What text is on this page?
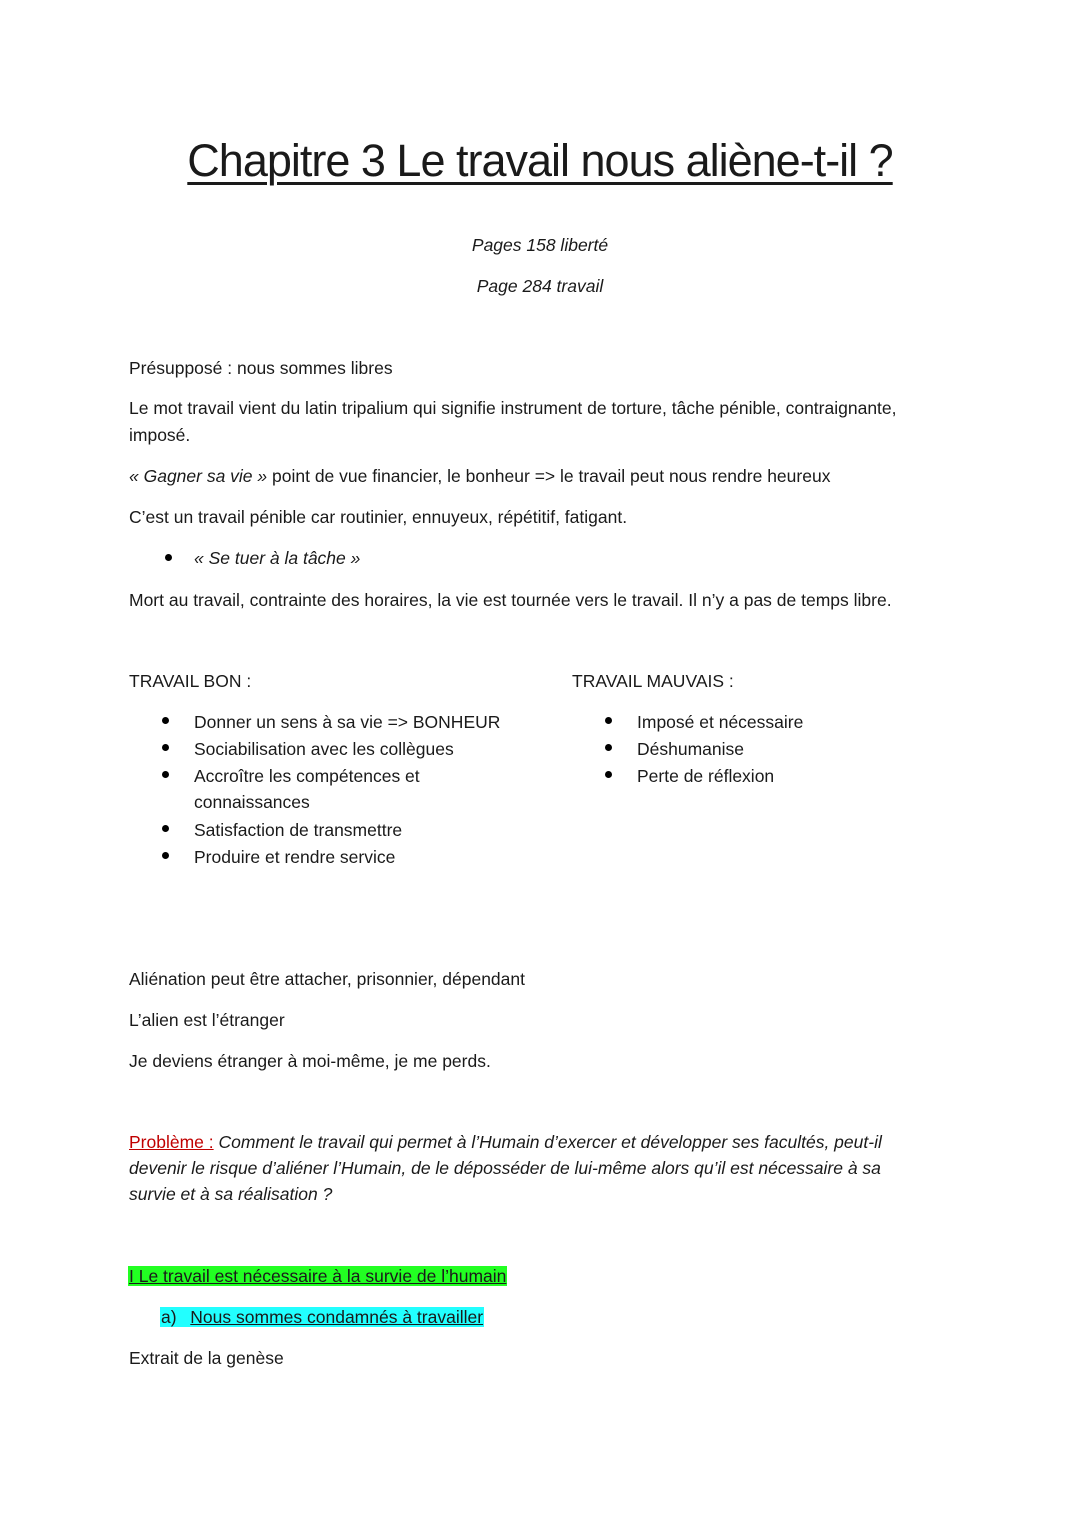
Chapitre 3 Le travail nous aliène-t-il ?
Pages 158 liberté
Page 284 travail
Présupposé : nous sommes libres
Le mot travail vient du latin tripalium qui signifie instrument de torture, tâche pénible, contraignante,
imposé.
« Gagner sa vie » point de vue financier, le bonheur => le travail peut nous rendre heureux
C’est un travail pénible car routinier, ennuyeux, répétitif, fatigant.
« Se tuer à la tâche »
Mort au travail, contrainte des horaires, la vie est tournée vers le travail. Il n’y a pas de temps libre.
TRAVAIL BON :
Donner un sens à sa vie => BONHEUR
Sociabilisation avec les collègues
Accroître les compétences et
connaissances
Satisfaction de transmettre
Produire et rendre service
TRAVAIL MAUVAIS :
Imposé et nécessaire
Déshumanise
Perte de réflexion
Aliénation peut être attacher, prisonnier, dépendant
L’alien est l’étranger
Je deviens étranger à moi-même, je me perds.
Problème : Comment le travail qui permet à l’Humain d’exercer et développer ses facultés, peut-il
devenir le risque d’aliéner l’Humain, de le déposséder de lui-même alors qu’il est nécessaire à sa
survie et à sa réalisation ?
I Le travail est nécessaire à la survie de l’humain
a) Nous sommes condamnés à travailler
Extrait de la genèse
